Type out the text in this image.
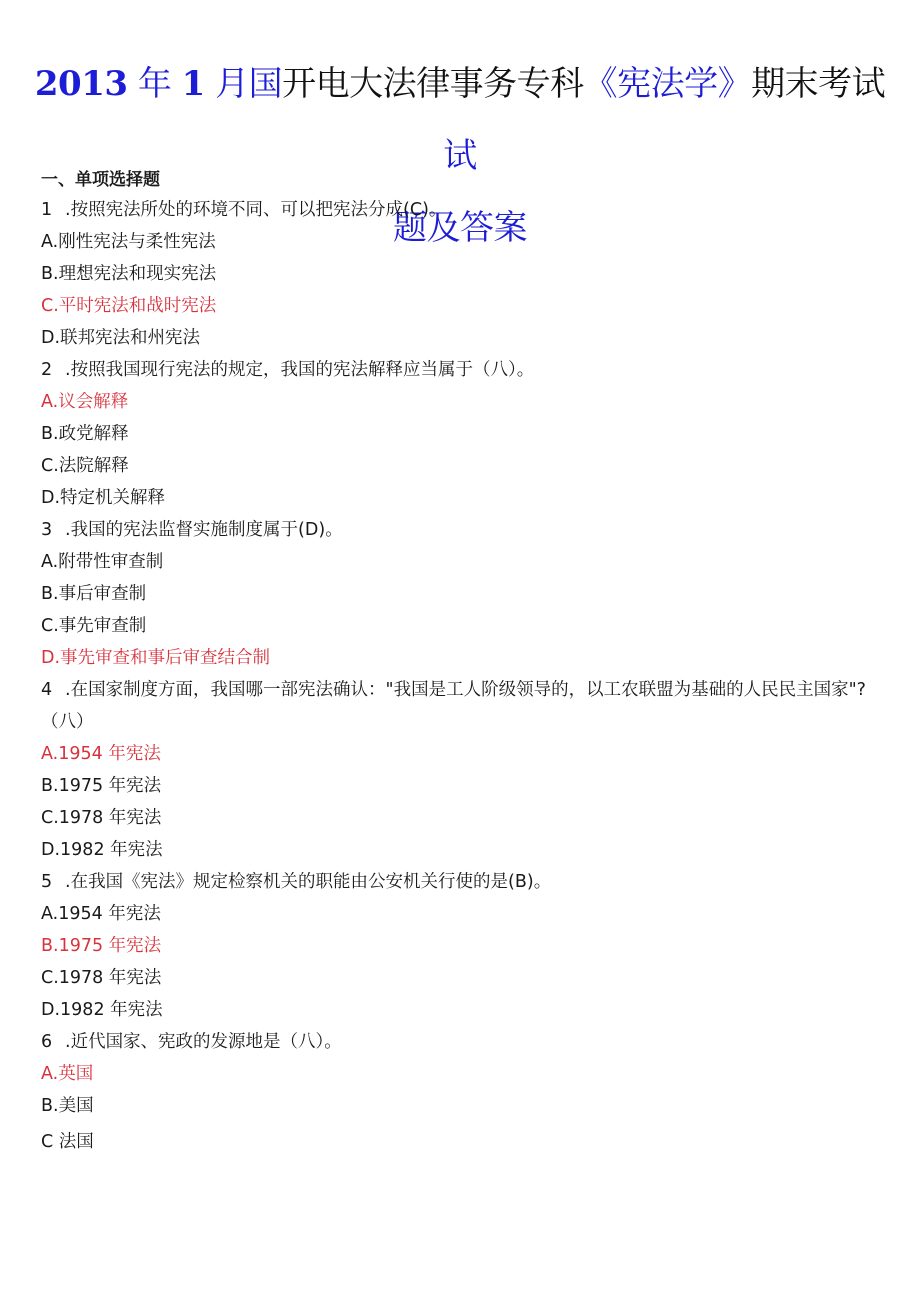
2013 年 1 月国开电大法律事务专科《宪法学》期末考试试
题及答案
一、单项选择题
1 .按照宪法所处的环境不同、可以把宪法分成(C)。
A.刚性宪法与柔性宪法
B.理想宪法和现实宪法
C.平时宪法和战时宪法
D.联邦宪法和州宪法
2 .按照我国现行宪法的规定，我国的宪法解释应当属于（八）。
A.议会解释
B.政党解释
C.法院解释
D.特定机关解释
3 .我国的宪法监督实施制度属于(D)。
A.附带性审查制
B.事后审查制
C.事先审查制
D.事先审查和事后审查结合制
4 .在国家制度方面，我国哪一部宪法确认："我国是工人阶级领导的，以工农联盟为基础的人民民主国家"?（八）
A.1954 年宪法
B.1975 年宪法
C.1978 年宪法
D.1982 年宪法
5 .在我国《宪法》规定检察机关的职能由公安机关行使的是(B)。
A.1954 年宪法
B.1975 年宪法
C.1978 年宪法
D.1982 年宪法
6 .近代国家、宪政的发源地是（八）。
A.英国
B.美国
C 法国
